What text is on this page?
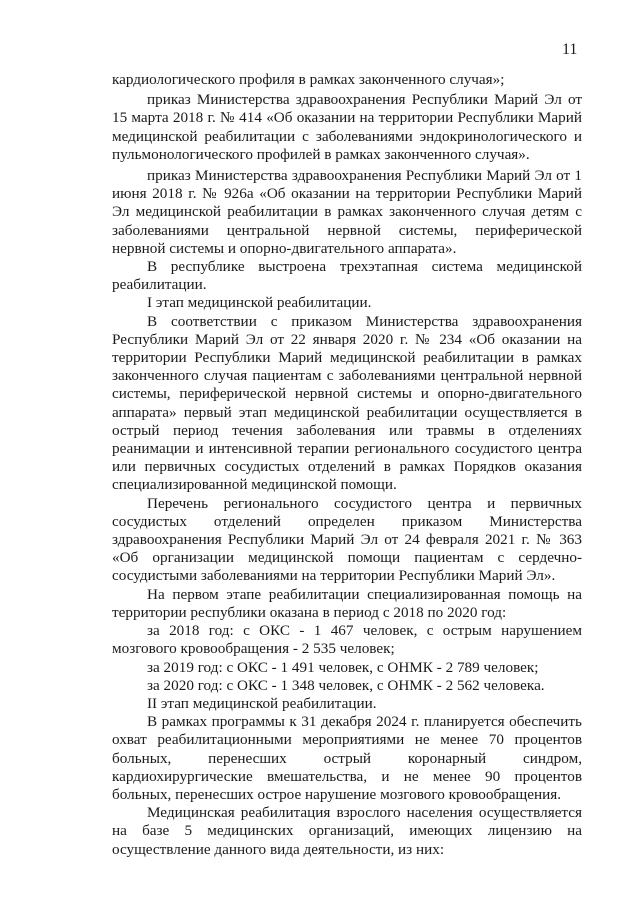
11

кардиологического профиля в рамках законченного случая»;

приказ Министерства здравоохранения Республики Марий Эл от 15 марта 2018 г. № 414 «Об оказании на территории Республики Марий медицинской реабилитации с заболеваниями эндокринологического и пульмонологического профилей в рамках законченного случая».

приказ Министерства здравоохранения Республики Марий Эл от 1 июня 2018 г. № 926а «Об оказании на территории Республики Марий Эл медицинской реабилитации в рамках законченного случая детям с заболеваниями центральной нервной системы, периферической нервной системы и опорно-двигательного аппарата».

В республике выстроена трехэтапная система медицинской реабилитации.

I этап медицинской реабилитации.

В соответствии с приказом Министерства здравоохранения Республики Марий Эл от 22 января 2020 г. № 234 «Об оказании на территории Республики Марий медицинской реабилитации в рамках законченного случая пациентам с заболеваниями центральной нервной системы, периферической нервной системы и опорно-двигательного аппарата» первый этап медицинской реабилитации осуществляется в острый период течения заболевания или травмы в отделениях реанимации и интенсивной терапии регионального сосудистого центра или первичных сосудистых отделений в рамках Порядков оказания специализированной медицинской помощи.

Перечень регионального сосудистого центра и первичных сосудистых отделений определен приказом Министерства здравоохранения Республики Марий Эл от 24 февраля 2021 г. № 363 «Об организации медицинской помощи пациентам с сердечно-сосудистыми заболеваниями на территории Республики Марий Эл».

На первом этапе реабилитации специализированная помощь на территории республики оказана в период с 2018 по 2020 год:

за 2018 год: с ОКС - 1 467 человек, с острым нарушением мозгового кровообращения - 2 535 человек;

за 2019 год: с ОКС - 1 491 человек, с ОНМК - 2 789 человек;

за 2020 год: с ОКС - 1 348 человек, с ОНМК - 2 562 человека.

II этап медицинской реабилитации.

В рамках программы к 31 декабря 2024 г. планируется обеспечить охват реабилитационными мероприятиями не менее 70 процентов больных, перенесших острый коронарный синдром, кардиохирургические вмешательства, и не менее 90 процентов больных, перенесших острое нарушение мозгового кровообращения.

Медицинская реабилитация взрослого населения осуществляется на базе 5 медицинских организаций, имеющих лицензию на осуществление данного вида деятельности, из них:
